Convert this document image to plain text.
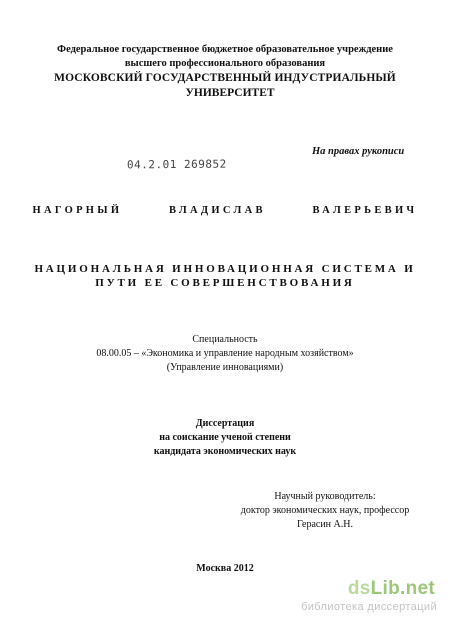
Федеральное государственное бюджетное образовательное учреждение
высшего профессионального образования
МОСКОВСКИЙ ГОСУДАРСТВЕННЫЙ ИНДУСТРИАЛЬНЫЙ
УНИВЕРСИТЕТ
На правах рукописи
04.2.01 269852
НАГОРНЫЙ	ВЛАДИСЛАВ	ВАЛЕРЬЕВИЧ
НАЦИОНАЛЬНАЯ ИННОВАЦИОННАЯ СИСТЕМА И
ПУТИ ЕЕ СОВЕРШЕНСТВОВАНИЯ
Специальность
08.00.05 – «Экономика и управление народным хозяйством»
(Управление инновациями)
Диссертация
на соискание ученой степени
кандидата экономических наук
Научный руководитель:
доктор экономических наук, профессор
Герасин А.Н.
Москва 2012
dsLib.net
библиотека диссертаций
